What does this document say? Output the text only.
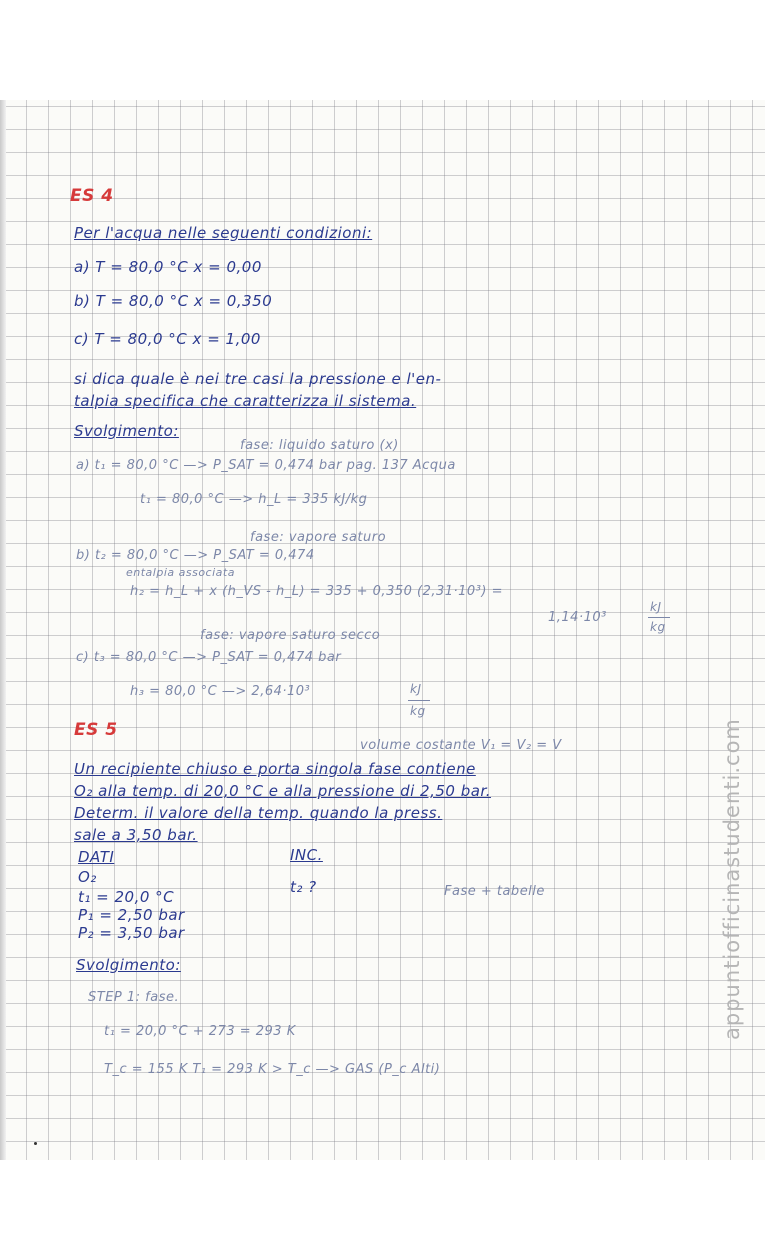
ES 4
Per l'acqua nelle seguenti condizioni:
a) T = 80,0 °C x = 0,00
b) T = 80,0 °C x = 0,350
c) T = 80,0 °C x = 1,00
si dica quale è nei tre casi la pressione e l'en-
talpia specifica che caratterizza il sistema.
Svolgimento:
fase: liquido saturo (x)
a) t₁ = 80,0 °C —> P_SAT = 0,474 bar pag. 137 Acqua
t₁ = 80,0 °C —> h_L = 335 kJ/kg
fase: vapore saturo
b) t₂ = 80,0 °C —> P_SAT = 0,474
entalpia associata
h₂ = h_L + x (h_VS - h_L) = 335 + 0,350 (2,31·10³) =
1,14·10³
kJ
kg
fase: vapore saturo secco
c) t₃ = 80,0 °C —> P_SAT = 0,474 bar
h₃ = 80,0 °C —> 2,64·10³	kJ
kg
ES 5
volume costante V₁ = V₂ = V
Un recipiente chiuso e porta singola fase contiene
O₂ alla temp. di 20,0 °C e alla pressione di 2,50 bar.
Determ. il valore della temp. quando la press.
sale a 3,50 bar.
DATI
O₂
t₁ = 20,0 °C
P₁ = 2,50 bar
P₂ = 3,50 bar
INC.
t₂ ?	Fase + tabelle
Svolgimento:
STEP 1: fase.
t₁ = 20,0 °C + 273 = 293 K
T_c = 155 K T₁ = 293 K > T_c —> GAS (P_c Alti)
appuntiofficinastudenti.com
